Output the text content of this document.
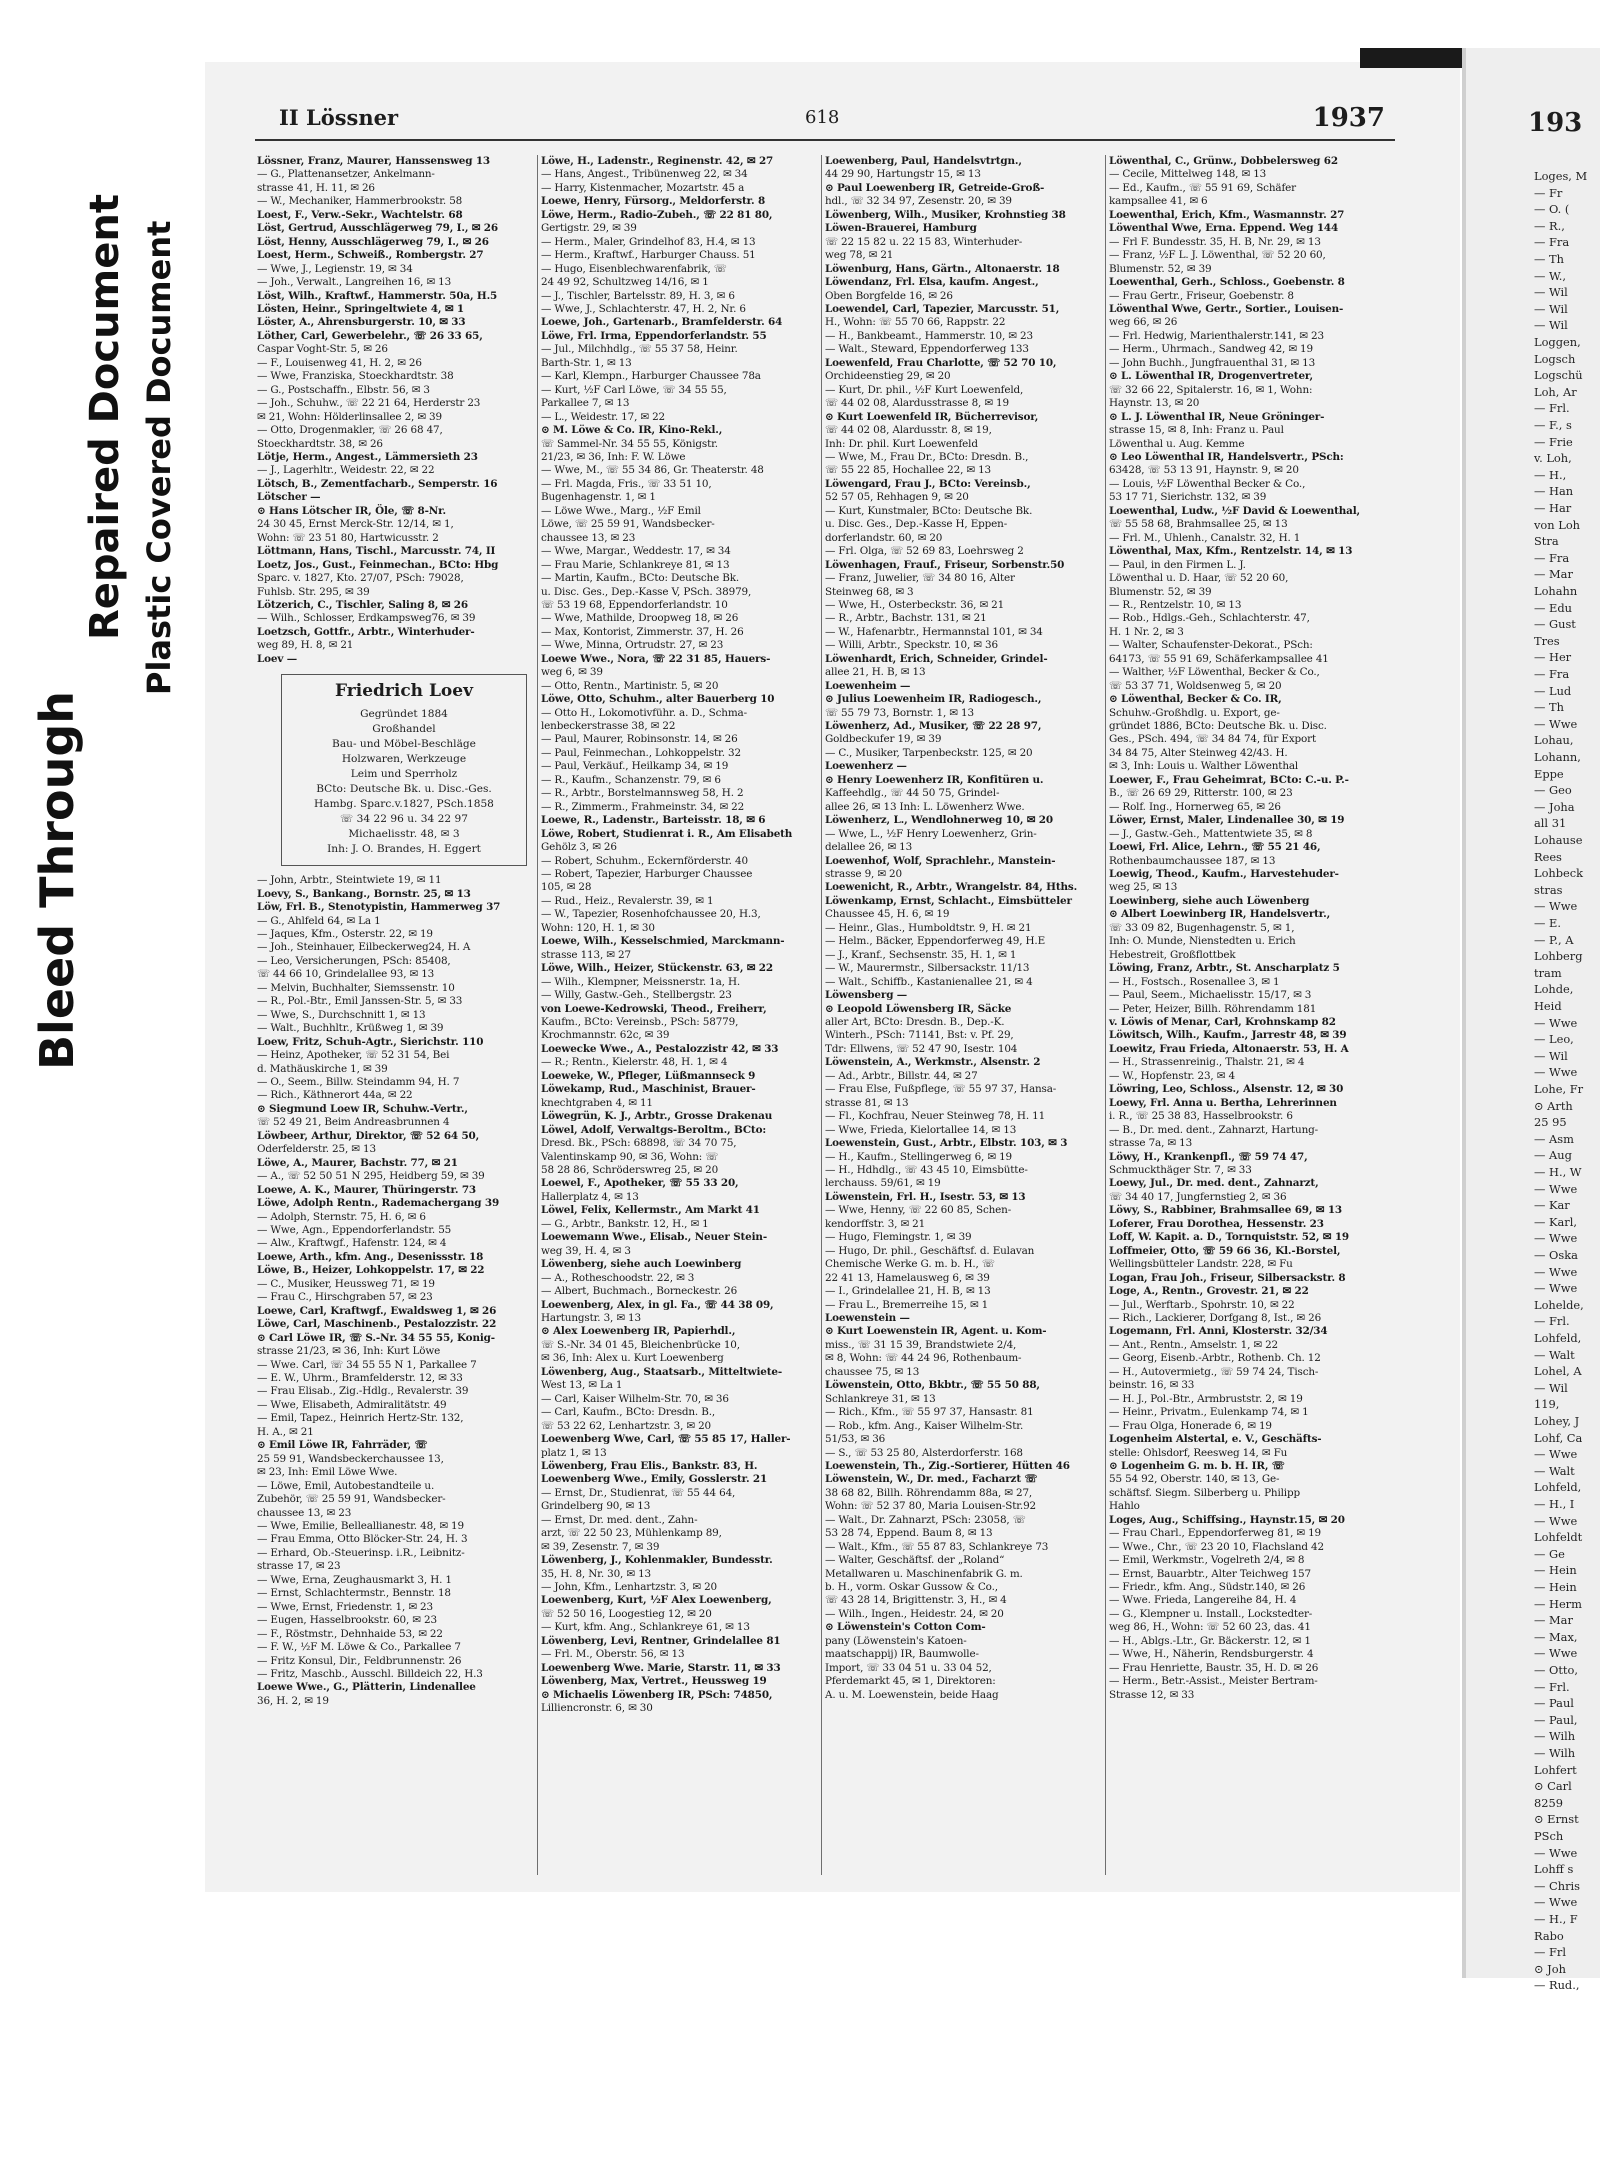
Bleed Through
Repaired Document Plastic Covered Document
193
Loges, M
— Fr
— O. (
— R.,
— Fra
— Th
— W.,
— Wil
— Wil
— Wil
Loggen,
Logsch
Logschü
Loh, Ar
— Frl.
— F., s
— Frie
v. Loh,
— H.,
— Han
— Har
von Loh
Stra
— Fra
— Mar
Lohahn
— Edu
— Gust
Tres
— Her
— Fra
— Lud
— Th
— Wwe
Lohau,
Lohann,
Eppe
— Geo
— Joha
all 31
Lohause
Rees
Lohbeck
stras
— Wwe
— E.
— P., A
Lohberg
tram
Lohde,
Heid
— Wwe
— Leo,
— Wil
— Wwe
Lohe, Fr
⊙ Arth
25 95
— Asm
— Aug
— H., W
— Wwe
— Kar
— Karl,
— Wwe
— Oska
— Wwe
— Wwe
Lohelde,
— Frl.
Lohfeld,
— Walt
Lohel, A
— Wil
119,
Lohey, J
Lohf, Ca
— Wwe
— Walt
Lohfeld,
— H., I
— Wwe
Lohfeldt
— Ge
— Hein
— Hein
— Herm
— Mar
— Max,
— Wwe
— Otto,
— Frl.
— Paul
— Paul,
— Wilh
— Wilh
Lohfert
⊙ Carl
8259
⊙ Ernst
PSch
— Wwe
Lohff s
— Chris
— Wwe
— H., F
Rabo
— Frl
⊙ Joh
— Rud.,
II Lössner	618	1937
Lössner, Franz, Maurer, Hanssensweg 13
— G., Plattenansetzer, Ankelmann-
strasse 41, H. 11, ✉ 26
— W., Mechaniker, Hammerbrookstr. 58
Loest, F., Verw.-Sekr., Wachtelstr. 68
Löst, Gertrud, Ausschlägerweg 79, I., ✉ 26
Löst, Henny, Ausschlägerweg 79, I., ✉ 26
Loest, Herm., Schweiß., Rombergstr. 27
— Wwe, J., Legienstr. 19, ✉ 34
— Joh., Verwalt., Langreihen 16, ✉ 13
Löst, Wilh., Kraftwf., Hammerstr. 50a, H.5
Lösten, Heinr., Springeltwiete 4, ✉ 1
Löster, A., Ahrensburgerstr. 10, ✉ 33
Löther, Carl, Gewerbelehr., ☏ 26 33 65,
Caspar Voght-Str. 5, ✉ 26
— F., Louisenweg 41, H. 2, ✉ 26
— Wwe, Franziska, Stoeckhardtstr. 38
— G., Postschaffn., Elbstr. 56, ✉ 3
— Joh., Schuhw., ☏ 22 21 64, Herderstr 23
✉ 21, Wohn: Hölderlinsallee 2, ✉ 39
— Otto, Drogenmakler, ☏ 26 68 47,
Stoeckhardtstr. 38, ✉ 26
Lötje, Herm., Angest., Lämmersieth 23
— J., Lagerhltr., Weidestr. 22, ✉ 22
Lötsch, B., Zementfacharb., Semperstr. 16
Lötscher —
⊙ Hans Lötscher IR, Öle, ☏ 8-Nr.
24 30 45, Ernst Merck-Str. 12/14, ✉ 1,
Wohn: ☏ 23 51 80, Hartwicusstr. 2
Löttmann, Hans, Tischl., Marcusstr. 74, II
Loetz, Jos., Gust., Feinmechan., BCto: Hbg
Sparc. v. 1827, Kto. 27/07, PSch: 79028,
Fuhlsb. Str. 295, ✉ 39
Lötzerich, C., Tischler, Saling 8, ✉ 26
— Wilh., Schlosser, Erdkampsweg76, ✉ 39
Loetzsch, Gottfr., Arbtr., Winterhuder-
weg 89, H. 8, ✉ 21
Loev —
Friedrich Loev
Gegründet 1884
Großhandel
Bau- und Möbel-Beschläge
Holzwaren, Werkzeuge
Leim und Sperrholz
BCto: Deutsche Bk. u. Disc.-Ges.
Hambg. Sparc.v.1827, PSch.1858
☏ 34 22 96 u. 34 22 97
Michaelisstr. 48, ✉ 3
Inh: J. O. Brandes, H. Eggert
— John, Arbtr., Steintwiete 19, ✉ 11
Loevy, S., Bankang., Bornstr. 25, ✉ 13
Löw, Frl. B., Stenotypistin, Hammerweg 37
— G., Ahlfeld 64, ✉ La 1
— Jaques, Kfm., Osterstr. 22, ✉ 19
— Joh., Steinhauer, Eilbeckerweg24, H. A
— Leo, Versicherungen, PSch: 85408,
☏ 44 66 10, Grindelallee 93, ✉ 13
— Melvin, Buchhalter, Siemssenstr. 10
— R., Pol.-Btr., Emil Janssen-Str. 5, ✉ 33
— Wwe, S., Durchschnitt 1, ✉ 13
— Walt., Buchhltr., Krüßweg 1, ✉ 39
Loew, Fritz, Schuh-Agtr., Sierichstr. 110
— Heinz, Apotheker, ☏ 52 31 54, Bei
d. Mathäuskirche 1, ✉ 39
— O., Seem., Billw. Steindamm 94, H. 7
— Rich., Käthnerort 44a, ✉ 22
⊙ Siegmund Loew IR, Schuhw.-Vertr.,
☏ 52 49 21, Beim Andreasbrunnen 4
Löwbeer, Arthur, Direktor, ☏ 52 64 50,
Oderfelderstr. 25, ✉ 13
Löwe, A., Maurer, Bachstr. 77, ✉ 21
— A., ☏ 52 50 51 N 295, Heidberg 59, ✉ 39
Loewe, A. K., Maurer, Thüringerstr. 73
Löwe, Adolph Rentn., Rademachergang 39
— Adolph, Sternstr. 75, H. 6, ✉ 6
— Wwe, Agn., Eppendorferlandstr. 55
— Alw., Kraftwgf., Hafenstr. 124, ✉ 4
Loewe, Arth., kfm. Ang., Desenissstr. 18
Löwe, B., Heizer, Lohkoppelstr. 17, ✉ 22
— C., Musiker, Heussweg 71, ✉ 19
— Frau C., Hirschgraben 57, ✉ 23
Loewe, Carl, Kraftwgf., Ewaldsweg 1, ✉ 26
Löwe, Carl, Maschinenb., Pestalozzistr. 22
⊙ Carl Löwe IR, ☏ S.-Nr. 34 55 55, Konig-
strasse 21/23, ✉ 36, Inh: Kurt Löwe
— Wwe. Carl, ☏ 34 55 55 N 1, Parkallee 7
— E. W., Uhrm., Bramfelderstr. 12, ✉ 33
— Frau Elisab., Zig.-Hdlg., Revalerstr. 39
— Wwe, Elisabeth, Admiralitätstr. 49
— Emil, Tapez., Heinrich Hertz-Str. 132,
H. A., ✉ 21
⊙ Emil Löwe IR, Fahrräder, ☏
25 59 91, Wandsbeckerchaussee 13,
✉ 23, Inh: Emil Löwe Wwe.
— Löwe, Emil, Autobestandteile u.
Zubehör, ☏ 25 59 91, Wandsbecker-
chaussee 13, ✉ 23
— Wwe, Emilie, Belleallianestr. 48, ✉ 19
— Frau Emma, Otto Blöcker-Str. 24, H. 3
— Erhard, Ob.-Steuerinsp. i.R., Leibnitz-
strasse 17, ✉ 23
— Wwe, Erna, Zeughausmarkt 3, H. 1
— Ernst, Schlachtermstr., Bennstr. 18
— Wwe, Ernst, Friedenstr. 1, ✉ 23
— Eugen, Hasselbrookstr. 60, ✉ 23
— F., Röstmstr., Dehnhaide 53, ✉ 22
— F. W., ½F M. Löwe & Co., Parkallee 7
— Fritz Konsul, Dir., Feldbrunnenstr. 26
— Fritz, Maschb., Ausschl. Billdeich 22, H.3
Loewe Wwe., G., Plätterin, Lindenallee
36, H. 2, ✉ 19
Löwe, H., Ladenstr., Reginenstr. 42, ✉ 27
— Hans, Angest., Tribünenweg 22, ✉ 34
— Harry, Kistenmacher, Mozartstr. 45 a
Loewe, Henry, Fürsorg., Meldorferstr. 8
Löwe, Herm., Radio-Zubeh., ☏ 22 81 80,
Gertigstr. 29, ✉ 39
— Herm., Maler, Grindelhof 83, H.4, ✉ 13
— Herm., Kraftwf., Harburger Chauss. 51
— Hugo, Eisenblechwarenfabrik, ☏
24 49 92, Schultzweg 14/16, ✉ 1
— J., Tischler, Bartelsstr. 89, H. 3, ✉ 6
— Wwe, J., Schlachterstr. 47, H. 2, Nr. 6
Loewe, Joh., Gartenarb., Bramfelderstr. 64
Löwe, Frl. Irma, Eppendorferlandstr. 55
— Jul., Milchhdlg., ☏ 55 37 58, Heinr.
Barth-Str. 1, ✉ 13
— Karl, Klempn., Harburger Chaussee 78a
— Kurt, ½F Carl Löwe, ☏ 34 55 55,
Parkallee 7, ✉ 13
— L., Weidestr. 17, ✉ 22
⊙ M. Löwe & Co. IR, Kino-Rekl.,
☏ Sammel-Nr. 34 55 55, Königstr.
21/23, ✉ 36, Inh: F. W. Löwe
— Wwe, M., ☏ 55 34 86, Gr. Theaterstr. 48
— Frl. Magda, Fris., ☏ 33 51 10,
Bugenhagenstr. 1, ✉ 1
— Löwe Wwe., Marg., ½F Emil
Löwe, ☏ 25 59 91, Wandsbecker-
chaussee 13, ✉ 23
— Wwe, Margar., Weddestr. 17, ✉ 34
— Frau Marie, Schlankreye 81, ✉ 13
— Martin, Kaufm., BCto: Deutsche Bk.
u. Disc. Ges., Dep.-Kasse V, PSch. 38979,
☏ 53 19 68, Eppendorferlandstr. 10
— Wwe, Mathilde, Droopweg 18, ✉ 26
— Max, Kontorist, Zimmerstr. 37, H. 26
— Wwe, Minna, Ortrudstr. 27, ✉ 23
Loewe Wwe., Nora, ☏ 22 31 85, Hauers-
weg 6, ✉ 39
— Otto, Rentn., Martinistr. 5, ✉ 20
Löwe, Otto, Schuhm., alter Bauerberg 10
— Otto H., Lokomotivführ. a. D., Schma-
lenbeckerstrasse 38, ✉ 22
— Paul, Maurer, Robinsonstr. 14, ✉ 26
— Paul, Feinmechan., Lohkoppelstr. 32
— Paul, Verkäuf., Heilkamp 34, ✉ 19
— R., Kaufm., Schanzenstr. 79, ✉ 6
— R., Arbtr., Borstelmannsweg 58, H. 2
— R., Zimmerm., Frahmeinstr. 34, ✉ 22
Loewe, R., Ladenstr., Barteisstr. 18, ✉ 6
Löwe, Robert, Studienrat i. R., Am Elisabeth
Gehölz 3, ✉ 26
— Robert, Schuhm., Eckernförderstr. 40
— Robert, Tapezier, Harburger Chaussee
105, ✉ 28
— Rud., Heiz., Revalerstr. 39, ✉ 1
— W., Tapezier, Rosenhofchaussee 20, H.3,
Wohn: 120, H. 1, ✉ 30
Loewe, Wilh., Kesselschmied, Marckmann-
strasse 113, ✉ 27
Löwe, Wilh., Heizer, Stückenstr. 63, ✉ 22
— Wilh., Klempner, Meissnerstr. 1a, H.
— Willy, Gastw.-Geh., Stellbergstr. 23
von Loewe-Kedrowski, Theod., Freiherr,
Kaufm., BCto: Vereinsb., PSch: 58779,
Krochmannstr. 62c, ✉ 39
Loewecke Wwe., A., Pestalozzistr 42, ✉ 33
— R.; Rentn., Kielerstr. 48, H. 1, ✉ 4
Loeweke, W., Pfleger, Lüßmannseck 9
Löwekamp, Rud., Maschinist, Brauer-
knechtgraben 4, ✉ 11
Löwegrün, K. J., Arbtr., Grosse Drakenau
Löwel, Adolf, Verwaltgs-Beroltm., BCto:
Dresd. Bk., PSch: 68898, ☏ 34 70 75,
Valentinskamp 90, ✉ 36, Wohn: ☏
58 28 86, Schröderswreg 25, ✉ 20
Loewel, F., Apotheker, ☏ 55 33 20,
Hallerplatz 4, ✉ 13
Löwel, Felix, Kellermstr., Am Markt 41
— G., Arbtr., Bankstr. 12, H., ✉ 1
Loewemann Wwe., Elisab., Neuer Stein-
weg 39, H. 4, ✉ 3
Löwenberg, siehe auch Loewinberg
— A., Rotheschoodstr. 22, ✉ 3
— Albert, Buchmach., Borneckestr. 26
Loewenberg, Alex, in gl. Fa., ☏ 44 38 09,
Hartungstr. 3, ✉ 13
⊙ Alex Loewenberg IR, Papierhdl.,
☏ S.-Nr. 34 01 45, Bleichenbrücke 10,
✉ 36, Inh: Alex u. Kurt Loewenberg
Löwenberg, Aug., Staatsarb., Mitteltwiete-
West 13, ✉ La 1
— Carl, Kaiser Wilhelm-Str. 70, ✉ 36
— Carl, Kaufm., BCto: Dresdn. B.,
☏ 53 22 62, Lenhartzstr. 3, ✉ 20
Loewenberg Wwe, Carl, ☏ 55 85 17, Haller-
platz 1, ✉ 13
Löwenberg, Frau Elis., Bankstr. 83, H.
Loewenberg Wwe., Emily, Gosslerstr. 21
— Ernst, Dr., Studienrat, ☏ 55 44 64,
Grindelberg 90, ✉ 13
— Ernst, Dr. med. dent., Zahn-
arzt, ☏ 22 50 23, Mühlenkamp 89,
✉ 39, Zesenstr. 7, ✉ 39
Löwenberg, J., Kohlenmakler, Bundesstr.
35, H. 8, Nr. 30, ✉ 13
— John, Kfm., Lenhartzstr. 3, ✉ 20
Loewenberg, Kurt, ½F Alex Loewenberg,
☏ 52 50 16, Loogestieg 12, ✉ 20
— Kurt, kfm. Ang., Schlankreye 61, ✉ 13
Löwenberg, Levi, Rentner, Grindelallee 81
— Frl. M., Oberstr. 56, ✉ 13
Loewenberg Wwe. Marie, Starstr. 11, ✉ 33
Löwenberg, Max, Vertret., Heussweg 19
⊙ Michaelis Löwenberg IR, PSch: 74850,
Lilliencronstr. 6, ✉ 30
Loewenberg, Paul, Handelsvtrtgn.,
44 29 90, Hartungstr 15, ✉ 13
⊙ Paul Loewenberg IR, Getreide-Groß-
hdl., ☏ 32 34 97, Zesenstr. 20, ✉ 39
Löwenberg, Wilh., Musiker, Krohnstieg 38
Löwen-Brauerei, Hamburg
☏ 22 15 82 u. 22 15 83, Winterhuder-
weg 78, ✉ 21
Löwenburg, Hans, Gärtn., Altonaerstr. 18
Löwendanz, Frl. Elsa, kaufm. Angest.,
Oben Borgfelde 16, ✉ 26
Loewendel, Carl, Tapezier, Marcusstr. 51,
H., Wohn: ☏ 55 70 66, Rappstr. 22
— H., Bankbeamt., Hammerstr. 10, ✉ 23
— Walt., Steward, Eppendorferweg 133
Loewenfeld, Frau Charlotte, ☏ 52 70 10,
Orchideenstieg 29, ✉ 20
— Kurt, Dr. phil., ½F Kurt Loewenfeld,
☏ 44 02 08, Alardusstrasse 8, ✉ 19
⊙ Kurt Loewenfeld IR, Bücherrevisor,
☏ 44 02 08, Alardusstr. 8, ✉ 19,
Inh: Dr. phil. Kurt Loewenfeld
— Wwe, M., Frau Dr., BCto: Dresdn. B.,
☏ 55 22 85, Hochallee 22, ✉ 13
Löwengard, Frau J., BCto: Vereinsb.,
52 57 05, Rehhagen 9, ✉ 20
— Kurt, Kunstmaler, BCto: Deutsche Bk.
u. Disc. Ges., Dep.-Kasse H, Eppen-
dorferlandstr. 60, ✉ 20
— Frl. Olga, ☏ 52 69 83, Loehrsweg 2
Löwenhagen, Frauf., Friseur, Sorbenstr.50
— Franz, Juwelier, ☏ 34 80 16, Alter
Steinweg 68, ✉ 3
— Wwe, H., Osterbeckstr. 36, ✉ 21
— R., Arbtr., Bachstr. 131, ✉ 21
— W., Hafenarbtr., Hermannstal 101, ✉ 34
— Willi, Arbtr., Speckstr. 10, ✉ 36
Löwenhardt, Erich, Schneider, Grindel-
allee 21, H. B, ✉ 13
Loewenheim —
⊙ Julius Loewenheim IR, Radiogesch.,
☏ 55 79 73, Bornstr. 1, ✉ 13
Löwenherz, Ad., Musiker, ☏ 22 28 97,
Goldbeckufer 19, ✉ 39
— C., Musiker, Tarpenbeckstr. 125, ✉ 20
Loewenherz —
⊙ Henry Loewenherz IR, Konfitüren u.
Kaffeehdlg., ☏ 44 50 75, Grindel-
allee 26, ✉ 13 Inh: L. Löwenherz Wwe.
Löwenherz, L., Wendlohnerweg 10, ✉ 20
— Wwe, L., ½F Henry Loewenherz, Grin-
delallee 26, ✉ 13
Loewenhof, Wolf, Sprachlehr., Manstein-
strasse 9, ✉ 20
Loewenicht, R., Arbtr., Wrangelstr. 84, Hths.
Löwenkamp, Ernst, Schlacht., Eimsbütteler
Chaussee 45, H. 6, ✉ 19
— Heinr., Glas., Humboldtstr. 9, H. ✉ 21
— Helm., Bäcker, Eppendorferweg 49, H.E
— J., Kranf., Sechsenstr. 35, H. 1, ✉ 1
— W., Maurermstr., Silbersackstr. 11/13
— Walt., Schiffb., Kastanienallee 21, ✉ 4
Löwensberg —
⊙ Leopold Löwensberg IR, Säcke
aller Art, BCto: Dresdn. B., Dep.-K.
Winterh., PSch: 71141, Bst: v. Pf. 29,
Tdr: Ellwens, ☏ 52 47 90, Isestr. 104
Löwenstein, A., Werkmstr., Alsenstr. 2
— Ad., Arbtr., Billstr. 44, ✉ 27
— Frau Else, Fußpflege, ☏ 55 97 37, Hansa-
strasse 81, ✉ 13
— Fl., Kochfrau, Neuer Steinweg 78, H. 11
— Wwe, Frieda, Kielortallee 14, ✉ 13
Loewenstein, Gust., Arbtr., Elbstr. 103, ✉ 3
— H., Kaufm., Stellingerweg 6, ✉ 19
— H., Hdhdlg., ☏ 43 45 10, Eimsbütte-
lerchauss. 59/61, ✉ 19
Löwenstein, Frl. H., Isestr. 53, ✉ 13
— Wwe, Henny, ☏ 22 60 85, Schen-
kendorffstr. 3, ✉ 21
— Hugo, Flemingstr. 1, ✉ 39
— Hugo, Dr. phil., Geschäftsf. d. Eulavan
Chemische Werke G. m. b. H., ☏
22 41 13, Hamelausweg 6, ✉ 39
— I., Grindelallee 21, H. B, ✉ 13
— Frau L., Bremerreihe 15, ✉ 1
Loewenstein —
⊙ Kurt Loewenstein IR, Agent. u. Kom-
miss., ☏ 31 15 39, Brandstwiete 2/4,
✉ 8, Wohn: ☏ 44 24 96, Rothenbaum-
chaussee 75, ✉ 13
Löwenstein, Otto, Bkbtr., ☏ 55 50 88,
Schlankreye 31, ✉ 13
— Rich., Kfm., ☏ 55 97 37, Hansastr. 81
— Rob., kfm. Ang., Kaiser Wilhelm-Str.
51/53, ✉ 36
— S., ☏ 53 25 80, Alsterdorferstr. 168
Loewenstein, Th., Zig.-Sortierer, Hütten 46
Löwenstein, W., Dr. med., Facharzt ☏
38 68 82, Billh. Röhrendamm 88a, ✉ 27,
Wohn: ☏ 52 37 80, Maria Louisen-Str.92
— Walt., Dr. Zahnarzt, PSch: 23058, ☏
53 28 74, Eppend. Baum 8, ✉ 13
— Walt., Kfm., ☏ 55 87 83, Schlankreye 73
— Walter, Geschäftsf. der „Roland“
Metallwaren u. Maschinenfabrik G. m.
b. H., vorm. Oskar Gussow & Co.,
☏ 43 28 14, Brigittenstr. 3, H., ✉ 4
— Wilh., Ingen., Heidestr. 24, ✉ 20
⊙ Löwenstein's Cotton Com-
pany (Löwenstein's Katoen-
maatschappij) IR, Baumwolle-
Import, ☏ 33 04 51 u. 33 04 52,
Pferdemarkt 45, ✉ 1, Direktoren:
A. u. M. Loewenstein, beide Haag
Löwenthal, C., Grünw., Dobbelersweg 62
— Cecile, Mittelweg 148, ✉ 13
— Ed., Kaufm., ☏ 55 91 69, Schäfer
kampsallee 41, ✉ 6
Loewenthal, Erich, Kfm., Wasmannstr. 27
Löwenthal Wwe, Erna. Eppend. Weg 144
— Frl F. Bundesstr. 35, H. B, Nr. 29, ✉ 13
— Franz, ½F L. J. Löwenthal, ☏ 52 20 60,
Blumenstr. 52, ✉ 39
Loewenthal, Gerh., Schloss., Goebenstr. 8
— Frau Gertr., Friseur, Goebenstr. 8
Löwenthal Wwe, Gertr., Sortier., Louisen-
weg 66, ✉ 26
— Frl. Hedwig, Marienthalerstr.141, ✉ 23
— Herm., Uhrmach., Sandweg 42, ✉ 19
— John Buchh., Jungfrauenthal 31, ✉ 13
⊙ L. Löwenthal IR, Drogenvertreter,
☏ 32 66 22, Spitalerstr. 16, ✉ 1, Wohn:
Haynstr. 13, ✉ 20
⊙ L. J. Löwenthal IR, Neue Gröninger-
strasse 15, ✉ 8, Inh: Franz u. Paul
Löwenthal u. Aug. Kemme
⊙ Leo Löwenthal IR, Handelsvertr., PSch:
63428, ☏ 53 13 91, Haynstr. 9, ✉ 20
— Louis, ½F Löwenthal Becker & Co.,
53 17 71, Sierichstr. 132, ✉ 39
Loewenthal, Ludw., ½F David & Loewenthal,
☏ 55 58 68, Brahmsallee 25, ✉ 13
— Frl. M., Uhlenh., Canalstr. 32, H. 1
Löwenthal, Max, Kfm., Rentzelstr. 14, ✉ 13
— Paul, in den Firmen L. J.
Löwenthal u. D. Haar, ☏ 52 20 60,
Blumenstr. 52, ✉ 39
— R., Rentzelstr. 10, ✉ 13
— Rob., Hdlgs.-Geh., Schlachterstr. 47,
H. 1 Nr. 2, ✉ 3
— Walter, Schaufenster-Dekorat., PSch:
64173, ☏ 55 91 69, Schäferkampsallee 41
— Walther, ½F Löwenthal, Becker & Co.,
☏ 53 37 71, Woldsenweg 5, ✉ 20
⊙ Löwenthal, Becker & Co. IR,
Schuhw.-Großhdlg. u. Export, ge-
gründet 1886, BCto: Deutsche Bk. u. Disc.
Ges., PSch. 494, ☏ 34 84 74, für Export
34 84 75, Alter Steinweg 42/43. H.
✉ 3, Inh: Louis u. Walther Löwenthal
Loewer, F., Frau Geheimrat, BCto: C.-u. P.-
B., ☏ 26 69 29, Ritterstr. 100, ✉ 23
— Rolf. Ing., Hornerweg 65, ✉ 26
Löwer, Ernst, Maler, Lindenallee 30, ✉ 19
— J., Gastw.-Geh., Mattentwiete 35, ✉ 8
Loewi, Frl. Alice, Lehrn., ☏ 55 21 46,
Rothenbaumchaussee 187, ✉ 13
Loewig, Theod., Kaufm., Harvestehuder-
weg 25, ✉ 13
Loewinberg, siehe auch Löwenberg
⊙ Albert Loewinberg IR, Handelsvertr.,
☏ 33 09 82, Bugenhagenstr. 5, ✉ 1,
Inh: O. Munde, Nienstedten u. Erich
Hebestreit, Großflottbek
Löwing, Franz, Arbtr., St. Anscharplatz 5
— H., Fostsch., Rosenallee 3, ✉ 1
— Paul, Seem., Michaelisstr. 15/17, ✉ 3
— Peter, Heizer, Billh. Röhrendamm 181
v. Löwis of Menar, Carl, Krohnskamp 82
Löwitsch, Wilh., Kaufm., Jarrestr 48, ✉ 39
Loewitz, Frau Frieda, Altonaerstr. 53, H. A
— H., Strassenreinig., Thalstr. 21, ✉ 4
— W., Hopfenstr. 23, ✉ 4
Löwring, Leo, Schloss., Alsenstr. 12, ✉ 30
Loewy, Frl. Anna u. Bertha, Lehrerinnen
i. R., ☏ 25 38 83, Hasselbrookstr. 6
— B., Dr. med. dent., Zahnarzt, Hartung-
strasse 7a, ✉ 13
Löwy, H., Krankenpfl., ☏ 59 74 47,
Schmuckthäger Str. 7, ✉ 33
Loewy, Jul., Dr. med. dent., Zahnarzt,
☏ 34 40 17, Jungfernstieg 2, ✉ 36
Löwy, S., Rabbiner, Brahmsallee 69, ✉ 13
Loferer, Frau Dorothea, Hessenstr. 23
Loff, W. Kapit. a. D., Tornquiststr. 52, ✉ 19
Loffmeier, Otto, ☏ 59 66 36, Kl.-Borstel,
Wellingsbütteler Landstr. 228, ✉ Fu
Logan, Frau Joh., Friseur, Silbersackstr. 8
Loge, A., Rentn., Grovestr. 21, ✉ 22
— Jul., Werftarb., Spohrstr. 10, ✉ 22
— Rich., Lackierer, Dorfgang 8, Ist., ✉ 26
Logemann, Frl. Anni, Klosterstr. 32/34
— Ant., Rentn., Amselstr. 1, ✉ 22
— Georg, Eisenb.-Arbtr., Rothenb. Ch. 12
— H., Autovermietg., ☏ 59 74 24, Tisch-
beinstr. 16, ✉ 33
— H. J., Pol.-Btr., Armbruststr. 2, ✉ 19
— Heinr., Privatm., Eulenkamp 74, ✉ 1
— Frau Olga, Honerade 6, ✉ 19
Logenheim Alstertal, e. V., Geschäfts-
stelle: Ohlsdorf, Reesweg 14, ✉ Fu
⊙ Logenheim G. m. b. H. IR, ☏
55 54 92, Oberstr. 140, ✉ 13, Ge-
schäftsf. Siegm. Silberberg u. Philipp
Hahlo
Loges, Aug., Schiffsing., Haynstr.15, ✉ 20
— Frau Charl., Eppendorferweg 81, ✉ 19
— Wwe., Chr., ☏ 23 20 10, Flachsland 42
— Emil, Werkmstr., Vogelreth 2/4, ✉ 8
— Ernst, Bauarbtr., Alter Teichweg 157
— Friedr., kfm. Ang., Südstr.140, ✉ 26
— Wwe. Frieda, Langereihe 84, H. 4
— G., Klempner u. Install., Lockstedter-
weg 86, H., Wohn: ☏ 52 60 23, das. 41
— H., Ablgs.-Ltr., Gr. Bäckerstr. 12, ✉ 1
— Wwe, H., Näherin, Rendsburgerstr. 4
— Frau Henriette, Baustr. 35, H. D. ✉ 26
— Herm., Betr.-Assist., Meister Bertram-
Strasse 12, ✉ 33
